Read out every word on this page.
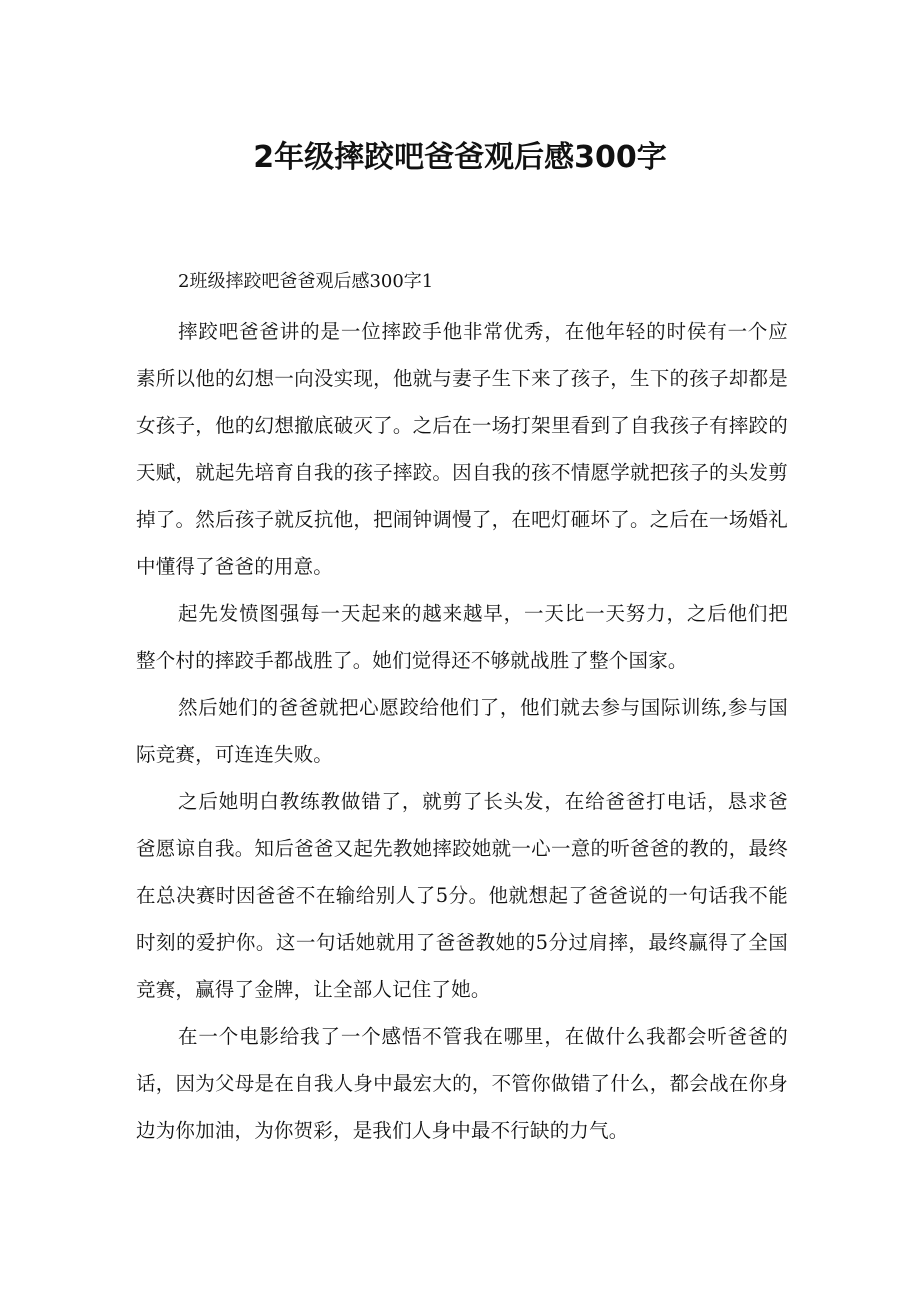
2年级摔跤吧爸爸观后感300字

2班级摔跤吧爸爸观后感300字1

摔跤吧爸爸讲的是一位摔跤手他非常优秀，在他年轻的时侯有一个应素所以他的幻想一向没实现，他就与妻子生下来了孩子，生下的孩子却都是女孩子，他的幻想撤底破灭了。之后在一场打架里看到了自我孩子有摔跤的天赋，就起先培育自我的孩子摔跤。因自我的孩不情愿学就把孩子的头发剪掉了。然后孩子就反抗他，把闹钟调慢了，在吧灯砸坏了。之后在一场婚礼中懂得了爸爸的用意。

起先发愤图强每一天起来的越来越早，一天比一天努力，之后他们把整个村的摔跤手都战胜了。她们觉得还不够就战胜了整个国家。

然后她们的爸爸就把心愿跤给他们了，他们就去参与国际训练,参与国际竞赛，可连连失败。

之后她明白教练教做错了，就剪了长头发，在给爸爸打电话，恳求爸爸愿谅自我。知后爸爸又起先教她摔跤她就一心一意的听爸爸的教的，最终在总决赛时因爸爸不在输给别人了5分。他就想起了爸爸说的一句话我不能时刻的爱护你。这一句话她就用了爸爸教她的5分过肩摔，最终赢得了全国竞赛，赢得了金牌，让全部人记住了她。

在一个电影给我了一个感悟不管我在哪里，在做什么我都会听爸爸的话，因为父母是在自我人身中最宏大的，不管你做错了什么，都会战在你身边为你加油，为你贺彩，是我们人身中最不行缺的力气。
